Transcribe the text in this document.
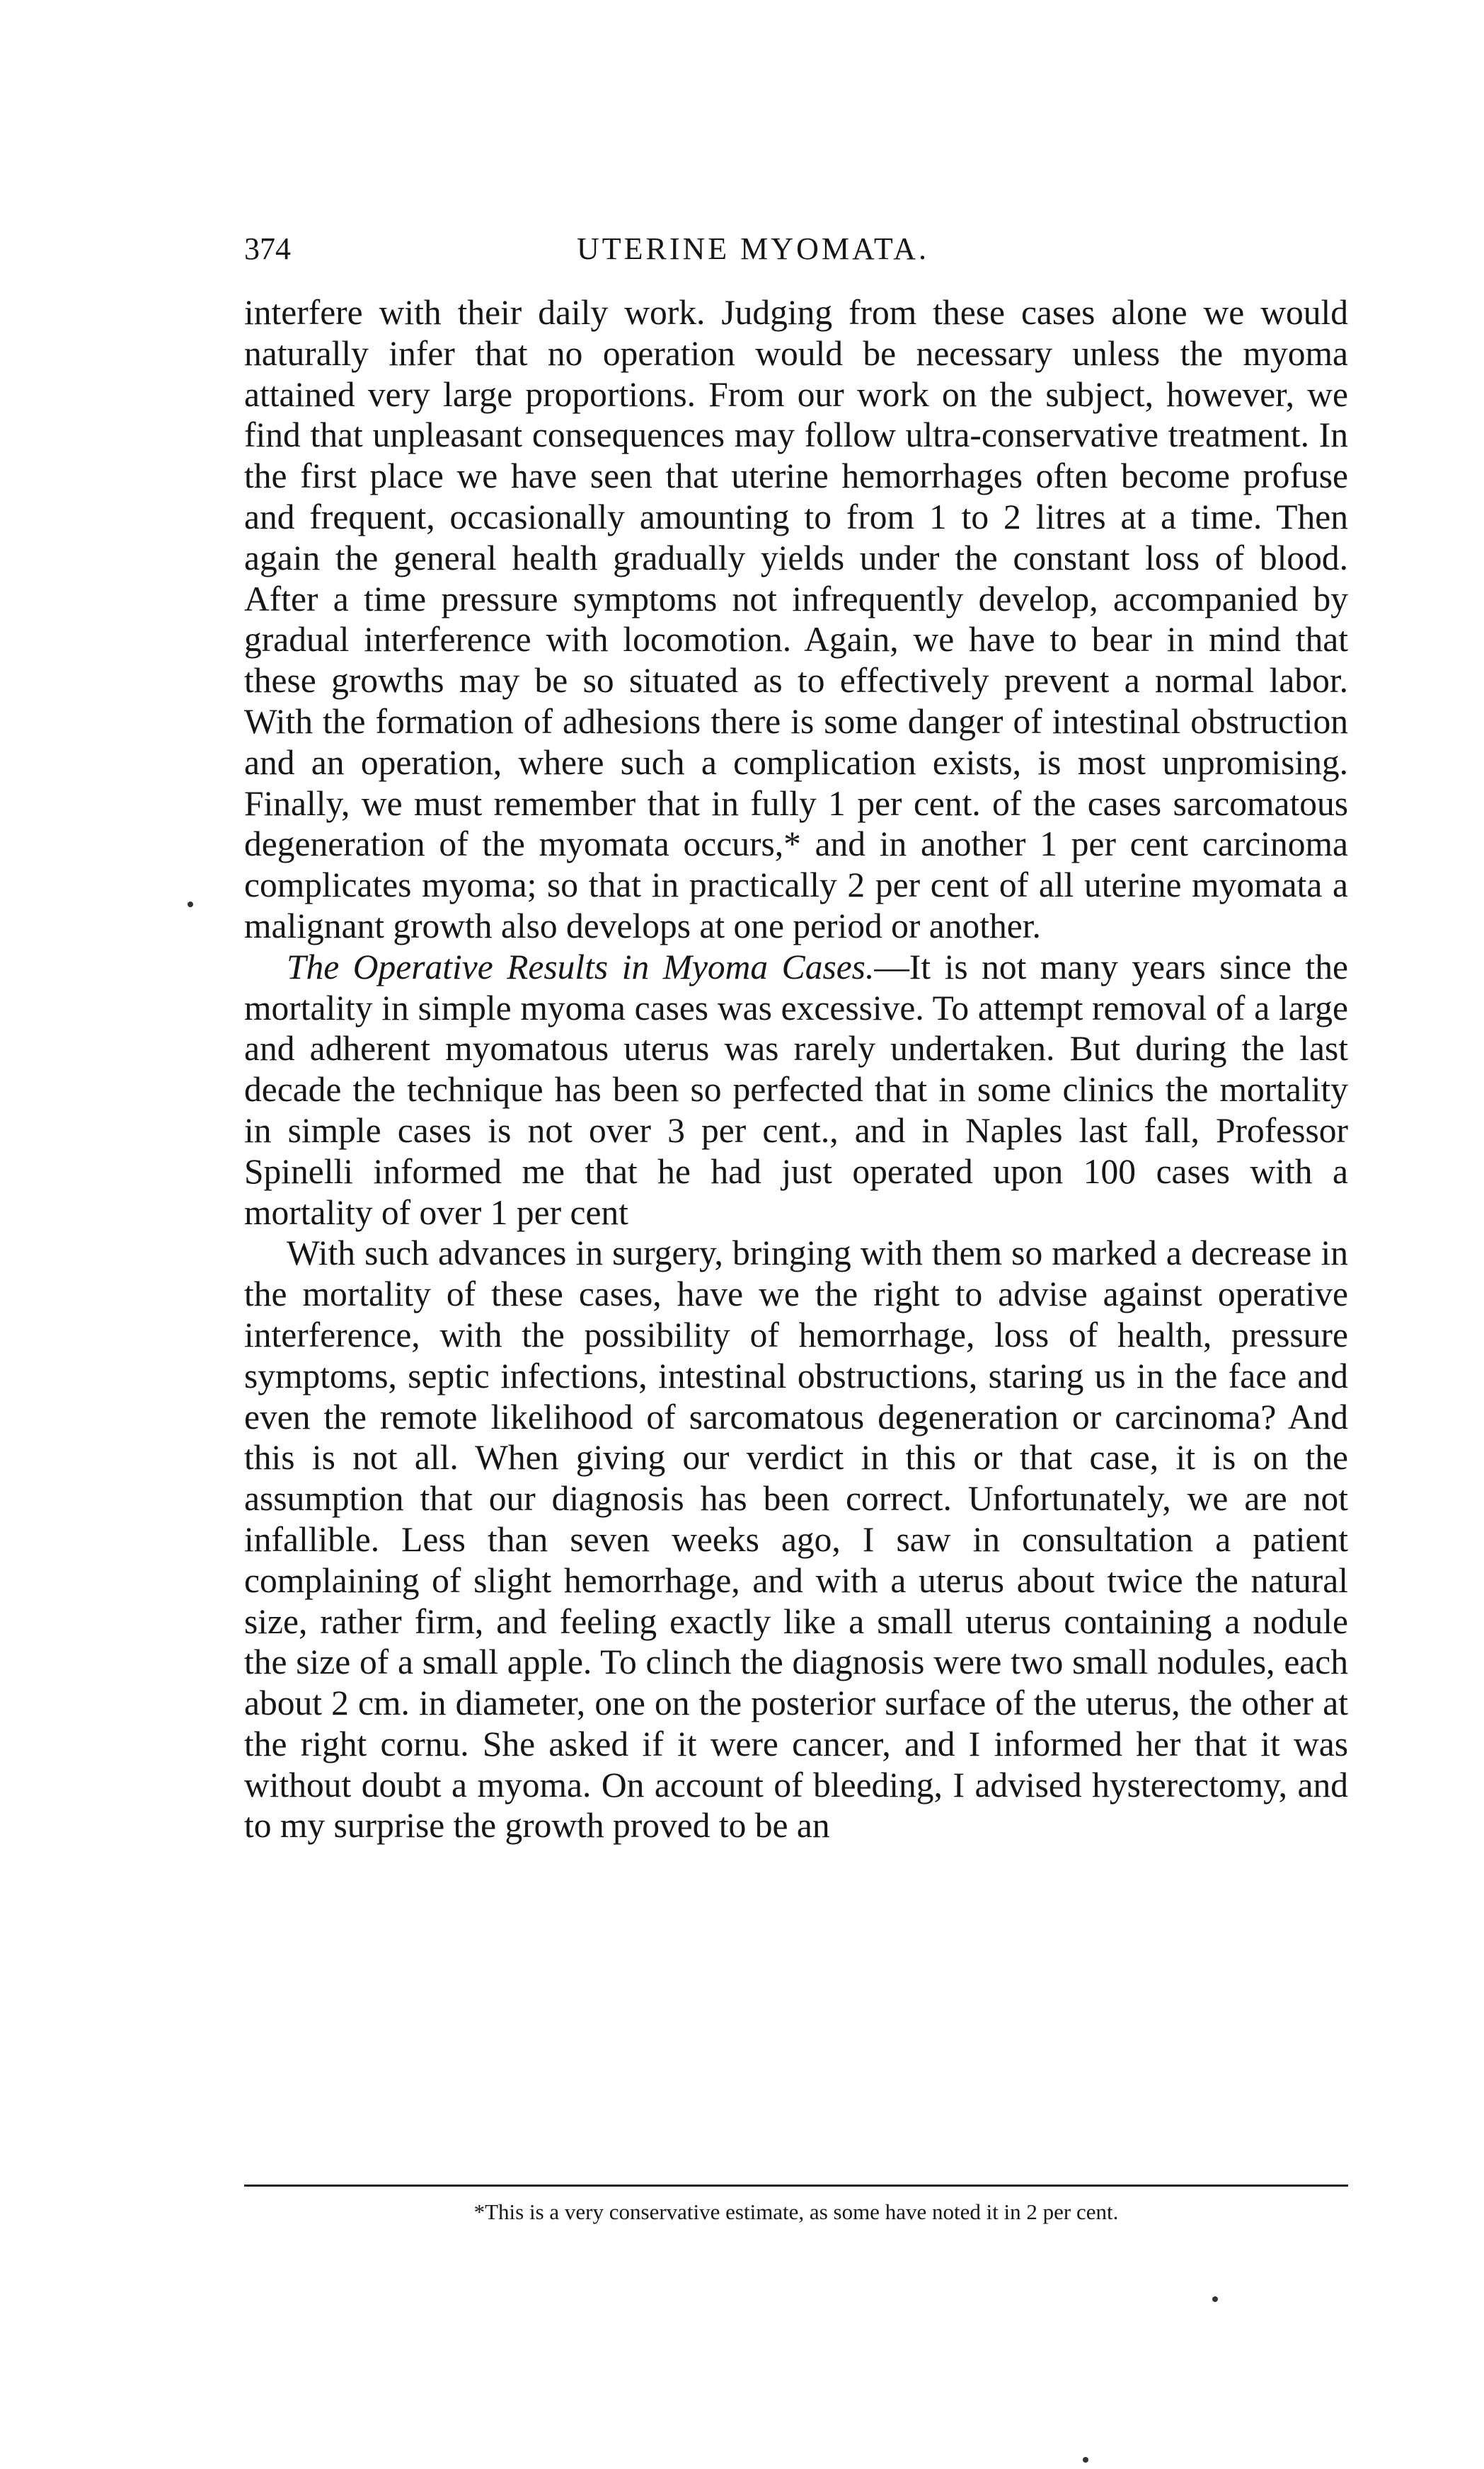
374	UTERINE MYOMATA.

interfere with their daily work. Judging from these cases alone we would naturally infer that no operation would be necessary unless the myoma attained very large proportions. From our work on the subject, however, we find that unpleasant consequences may follow ultra-conservative treatment. In the first place we have seen that uterine hemorrhages often become profuse and frequent, occasionally amounting to from 1 to 2 litres at a time. Then again the general health gradually yields under the constant loss of blood. After a time pressure symptoms not infrequently develop, accompanied by gradual interference with locomotion. Again, we have to bear in mind that these growths may be so situated as to effectively prevent a normal labor. With the formation of adhesions there is some danger of intestinal obstruction and an operation, where such a complication exists, is most unpromising. Finally, we must remember that in fully 1 per cent. of the cases sarcomatous degeneration of the myomata occurs,* and in another 1 per cent carcinoma complicates myoma; so that in practically 2 per cent of all uterine myomata a malignant growth also develops at one period or another.

The Operative Results in Myoma Cases.—It is not many years since the mortality in simple myoma cases was excessive. To attempt removal of a large and adherent myomatous uterus was rarely undertaken. But during the last decade the technique has been so perfected that in some clinics the mortality in simple cases is not over 3 per cent., and in Naples last fall, Professor Spinelli informed me that he had just operated upon 100 cases with a mortality of over 1 per cent

With such advances in surgery, bringing with them so marked a decrease in the mortality of these cases, have we the right to advise against operative interference, with the possibility of hemorrhage, loss of health, pressure symptoms, septic infections, intestinal obstructions, staring us in the face and even the remote likelihood of sarcomatous degeneration or carcinoma? And this is not all. When giving our verdict in this or that case, it is on the assumption that our diagnosis has been correct. Unfortunately, we are not infallible. Less than seven weeks ago, I saw in consultation a patient complaining of slight hemorrhage, and with a uterus about twice the natural size, rather firm, and feeling exactly like a small uterus containing a nodule the size of a small apple. To clinch the diagnosis were two small nodules, each about 2 cm. in diameter, one on the posterior surface of the uterus, the other at the right cornu. She asked if it were cancer, and I informed her that it was without doubt a myoma. On account of bleeding, I advised hysterectomy, and to my surprise the growth proved to be an

*This is a very conservative estimate, as some have noted it in 2 per cent.
